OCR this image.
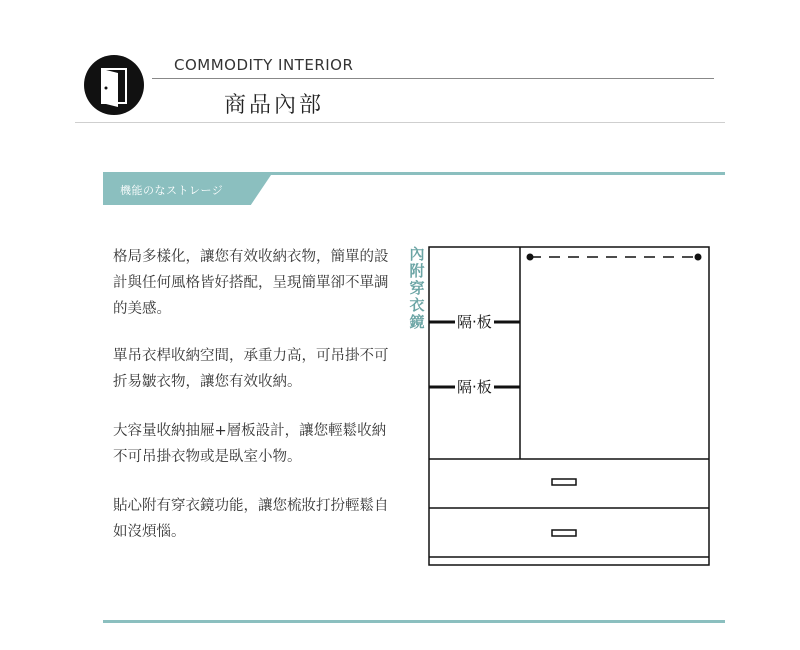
COMMODITY INTERIOR
商品內部
機能のなストレージ
格局多樣化，讓您有效收納衣物，簡單的設計與任何風格皆好搭配，呈現簡單卻不單調的美感。
單吊衣桿收納空間，承重力高，可吊掛不可折易皺衣物，讓您有效收納。
大容量收納抽屜+層板設計，讓您輕鬆收納不可吊掛衣物或是臥室小物。
貼心附有穿衣鏡功能，讓您梳妝打扮輕鬆自如沒煩惱。
內附穿衣鏡 隔·板
隔·板
